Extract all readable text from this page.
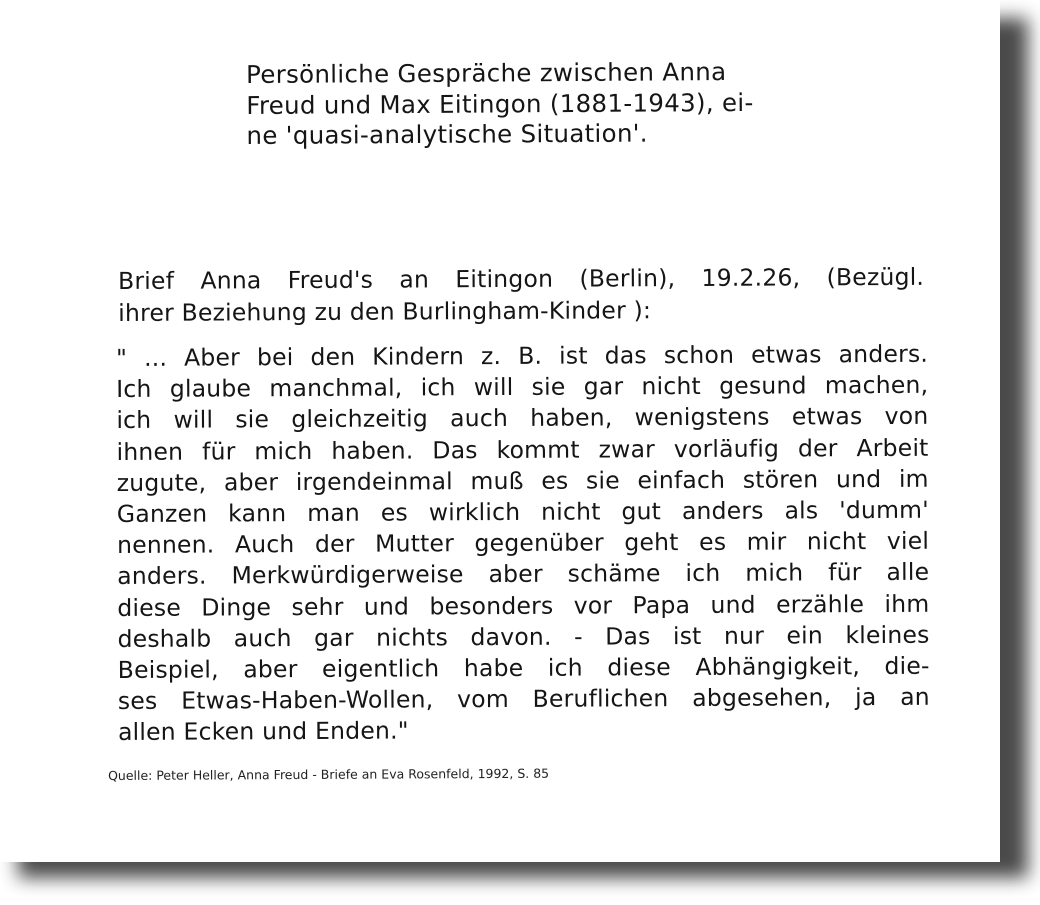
Persönliche Gespräche zwischen Anna
Freud und Max Eitingon (1881-1943), ei-
ne 'quasi-analytische Situation'.
Brief Anna Freud's an Eitingon (Berlin), 19.2.26, (Bezügl.
ihrer Beziehung zu den Burlingham-Kinder ):
" ... Aber bei den Kindern z. B. ist das schon etwas anders.
Ich glaube manchmal, ich will sie gar nicht gesund machen,
ich will sie gleichzeitig auch haben, wenigstens etwas von
ihnen für mich haben. Das kommt zwar vorläufig der Arbeit
zugute, aber irgendeinmal muß es sie einfach stören und im
Ganzen kann man es wirklich nicht gut anders als 'dumm'
nennen. Auch der Mutter gegenüber geht es mir nicht viel
anders. Merkwürdigerweise aber schäme ich mich für alle
diese Dinge sehr und besonders vor Papa und erzähle ihm
deshalb auch gar nichts davon. - Das ist nur ein kleines
Beispiel, aber eigentlich habe ich diese Abhängigkeit, die-
ses Etwas-Haben-Wollen, vom Beruflichen abgesehen, ja an
allen Ecken und Enden."
Quelle: Peter Heller, Anna Freud - Briefe an Eva Rosenfeld, 1992, S. 85
